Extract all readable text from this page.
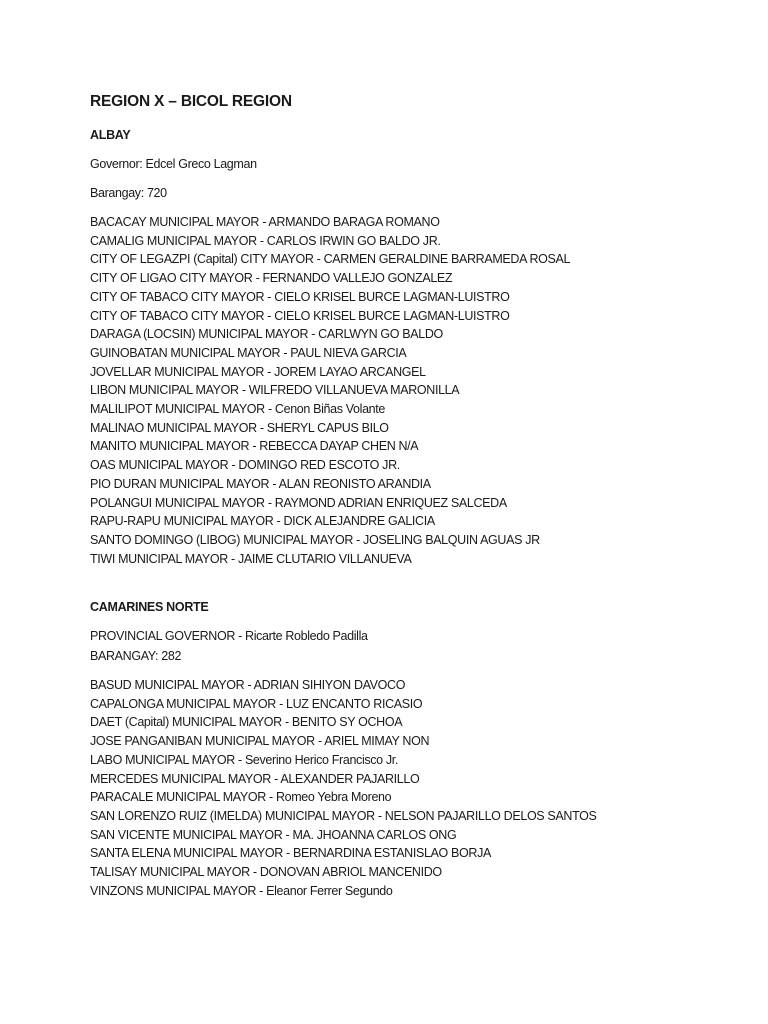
REGION X – BICOL REGION
ALBAY
Governor: Edcel Greco Lagman
Barangay: 720
BACACAY MUNICIPAL MAYOR - ARMANDO BARAGA ROMANO
CAMALIG MUNICIPAL MAYOR - CARLOS IRWIN GO BALDO JR.
CITY OF LEGAZPI (Capital) CITY MAYOR - CARMEN GERALDINE BARRAMEDA ROSAL
CITY OF LIGAO CITY MAYOR - FERNANDO VALLEJO GONZALEZ
CITY OF TABACO CITY MAYOR - CIELO KRISEL BURCE LAGMAN-LUISTRO
CITY OF TABACO CITY MAYOR - CIELO KRISEL BURCE LAGMAN-LUISTRO
DARAGA (LOCSIN) MUNICIPAL MAYOR - CARLWYN GO BALDO
GUINOBATAN MUNICIPAL MAYOR - PAUL NIEVA GARCIA
JOVELLAR MUNICIPAL MAYOR - JOREM LAYAO ARCANGEL
LIBON MUNICIPAL MAYOR - WILFREDO VILLANUEVA MARONILLA
MALILIPOT MUNICIPAL MAYOR - Cenon Biñas Volante
MALINAO MUNICIPAL MAYOR - SHERYL CAPUS BILO
MANITO MUNICIPAL MAYOR - REBECCA DAYAP CHEN N/A
OAS MUNICIPAL MAYOR - DOMINGO RED ESCOTO JR.
PIO DURAN MUNICIPAL MAYOR - ALAN REONISTO ARANDIA
POLANGUI MUNICIPAL MAYOR - RAYMOND ADRIAN ENRIQUEZ SALCEDA
RAPU-RAPU MUNICIPAL MAYOR - DICK ALEJANDRE GALICIA
SANTO DOMINGO (LIBOG) MUNICIPAL MAYOR - JOSELING BALQUIN AGUAS JR
TIWI MUNICIPAL MAYOR - JAIME CLUTARIO VILLANUEVA
CAMARINES NORTE
PROVINCIAL GOVERNOR - Ricarte Robledo Padilla
BARANGAY: 282
BASUD MUNICIPAL MAYOR - ADRIAN SIHIYON DAVOCO
CAPALONGA MUNICIPAL MAYOR - LUZ ENCANTO RICASIO
DAET (Capital) MUNICIPAL MAYOR - BENITO SY OCHOA
JOSE PANGANIBAN MUNICIPAL MAYOR - ARIEL MIMAY NON
LABO MUNICIPAL MAYOR - Severino Herico Francisco Jr.
MERCEDES MUNICIPAL MAYOR - ALEXANDER PAJARILLO
PARACALE MUNICIPAL MAYOR - Romeo Yebra Moreno
SAN LORENZO RUIZ (IMELDA) MUNICIPAL MAYOR - NELSON PAJARILLO DELOS SANTOS
SAN VICENTE MUNICIPAL MAYOR - MA. JHOANNA CARLOS ONG
SANTA ELENA MUNICIPAL MAYOR - BERNARDINA ESTANISLAO BORJA
TALISAY MUNICIPAL MAYOR - DONOVAN ABRIOL MANCENIDO
VINZONS MUNICIPAL MAYOR - Eleanor Ferrer Segundo
